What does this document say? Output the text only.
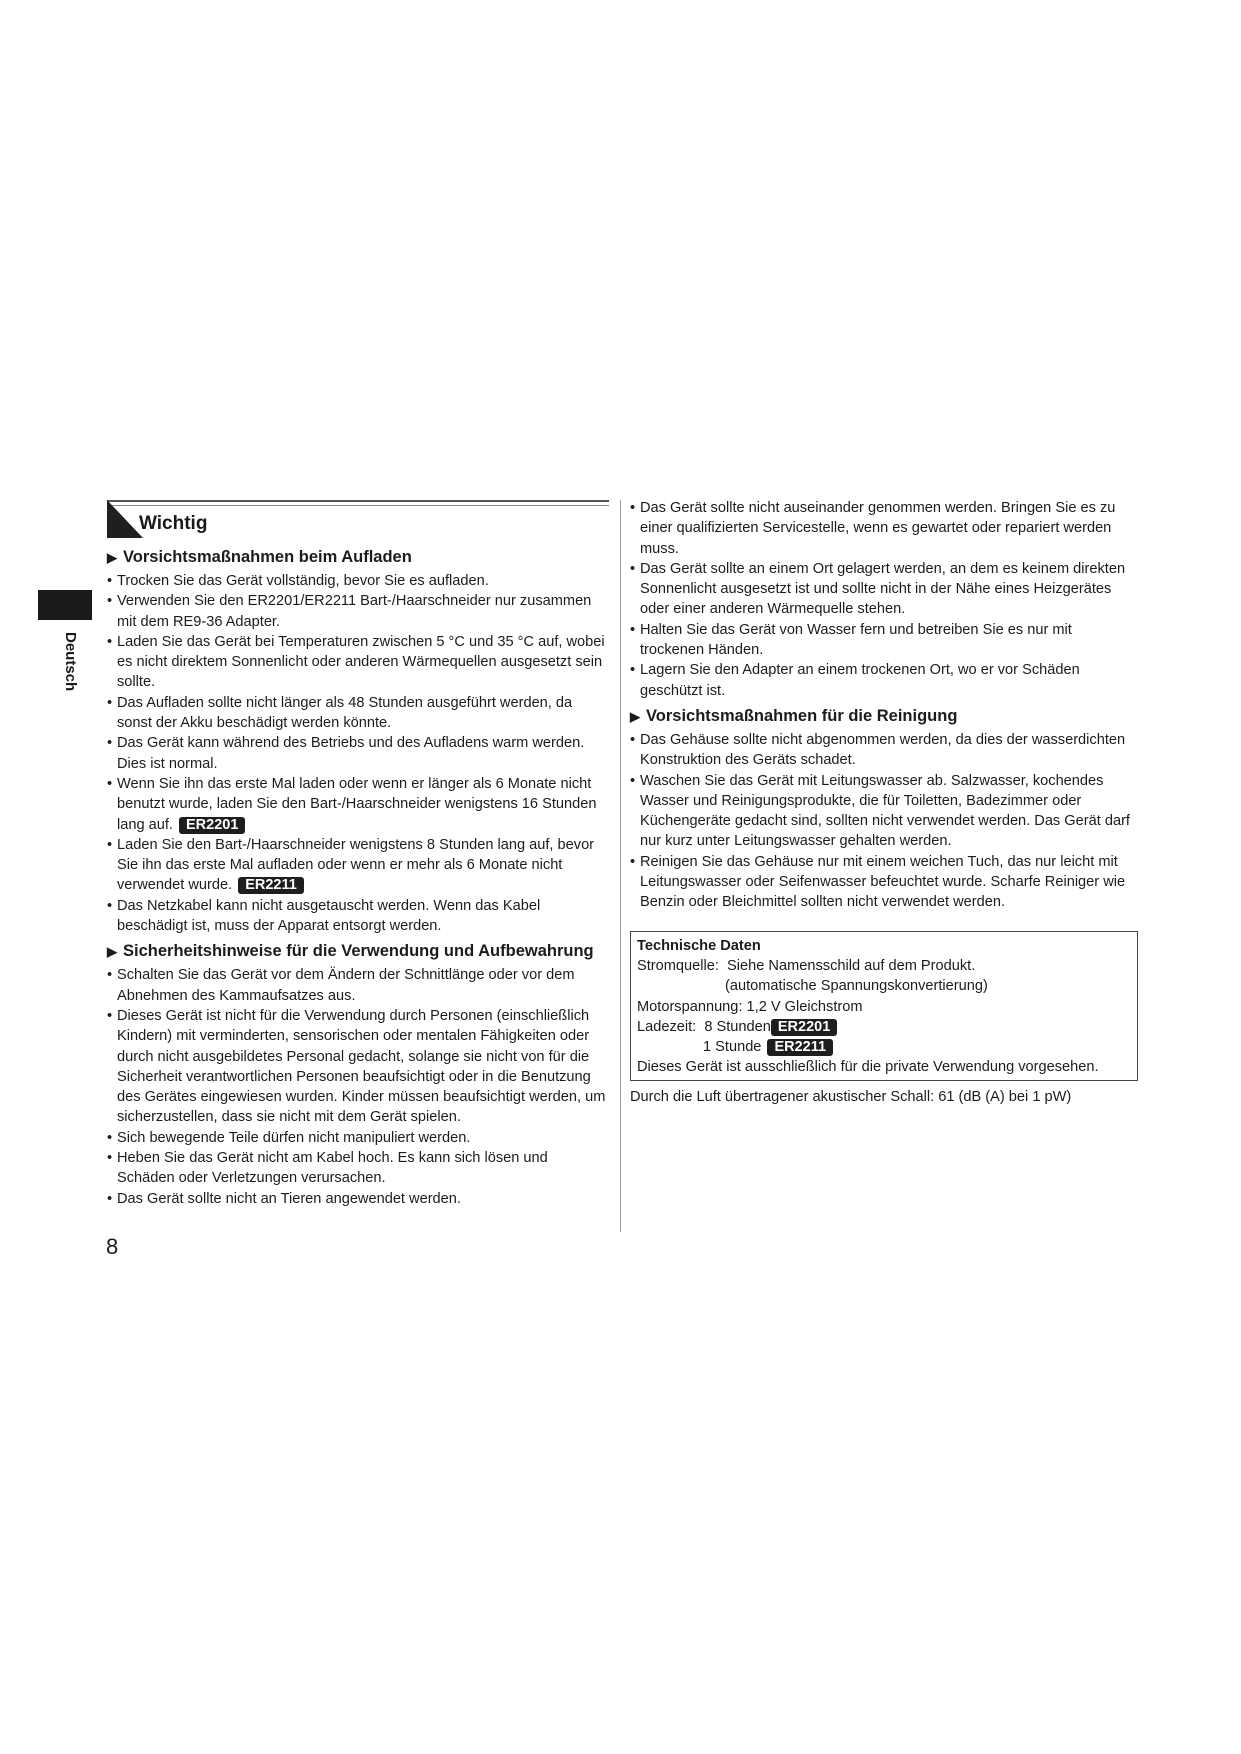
Deutsch
Wichtig
▶ Vorsichtsmaßnahmen beim Aufladen
• Trocken Sie das Gerät vollständig, bevor Sie es aufladen.
• Verwenden Sie den ER2201/ER2211 Bart-/Haarschneider nur zusammen mit dem RE9-36 Adapter.
• Laden Sie das Gerät bei Temperaturen zwischen 5 °C und 35 °C auf, wobei es nicht direktem Sonnenlicht oder anderen Wärmequellen ausgesetzt sein sollte.
• Das Aufladen sollte nicht länger als 48 Stunden ausgeführt werden, da sonst der Akku beschädigt werden könnte.
• Das Gerät kann während des Betriebs und des Aufladens warm werden. Dies ist normal.
• Wenn Sie ihn das erste Mal laden oder wenn er länger als 6 Monate nicht benutzt wurde, laden Sie den Bart-/Haarschneider wenigstens 16 Stunden lang auf. ER2201
• Laden Sie den Bart-/Haarschneider wenigstens 8 Stunden lang auf, bevor Sie ihn das erste Mal aufladen oder wenn er mehr als 6 Monate nicht verwendet wurde. ER2211
• Das Netzkabel kann nicht ausgetauscht werden. Wenn das Kabel beschädigt ist, muss der Apparat entsorgt werden.
▶ Sicherheitshinweise für die Verwendung und Aufbewahrung
• Schalten Sie das Gerät vor dem Ändern der Schnittlänge oder vor dem Abnehmen des Kammaufsatzes aus.
• Dieses Gerät ist nicht für die Verwendung durch Personen (einschließlich Kindern) mit verminderten, sensorischen oder mentalen Fähigkeiten oder durch nicht ausgebildetes Personal gedacht, solange sie nicht von für die Sicherheit verantwortlichen Personen beaufsichtigt oder in die Benutzung des Gerätes eingewiesen wurden. Kinder müssen beaufsichtigt werden, um sicherzustellen, dass sie nicht mit dem Gerät spielen.
• Sich bewegende Teile dürfen nicht manipuliert werden.
• Heben Sie das Gerät nicht am Kabel hoch. Es kann sich lösen und Schäden oder Verletzungen verursachen.
• Das Gerät sollte nicht an Tieren angewendet werden.
• Das Gerät sollte nicht auseinander genommen werden. Bringen Sie es zu einer qualifizierten Servicestelle, wenn es gewartet oder repariert werden muss.
• Das Gerät sollte an einem Ort gelagert werden, an dem es keinem direkten Sonnenlicht ausgesetzt ist und sollte nicht in der Nähe eines Heizgerätes oder einer anderen Wärmequelle stehen.
• Halten Sie das Gerät von Wasser fern und betreiben Sie es nur mit trockenen Händen.
• Lagern Sie den Adapter an einem trockenen Ort, wo er vor Schäden geschützt ist.
▶ Vorsichtsmaßnahmen für die Reinigung
• Das Gehäuse sollte nicht abgenommen werden, da dies der wasserdichten Konstruktion des Geräts schadet.
• Waschen Sie das Gerät mit Leitungswasser ab. Salzwasser, kochendes Wasser und Reinigungsprodukte, die für Toiletten, Badezimmer oder Küchengeräte gedacht sind, sollten nicht verwendet werden. Das Gerät darf nur kurz unter Leitungswasser gehalten werden.
• Reinigen Sie das Gehäuse nur mit einem weichen Tuch, das nur leicht mit Leitungswasser oder Seifenwasser befeuchtet wurde. Scharfe Reiniger wie Benzin oder Bleichmittel sollten nicht verwendet werden.
Technische Daten
Stromquelle: Siehe Namensschild auf dem Produkt.
(automatische Spannungskonvertierung)
Motorspannung: 1,2 V Gleichstrom
Ladezeit: 8 Stunden ER2201
1 Stunde ER2211
Dieses Gerät ist ausschließlich für die private Verwendung vorgesehen.
Durch die Luft übertragener akustischer Schall: 61 (dB (A) bei 1 pW)
8
